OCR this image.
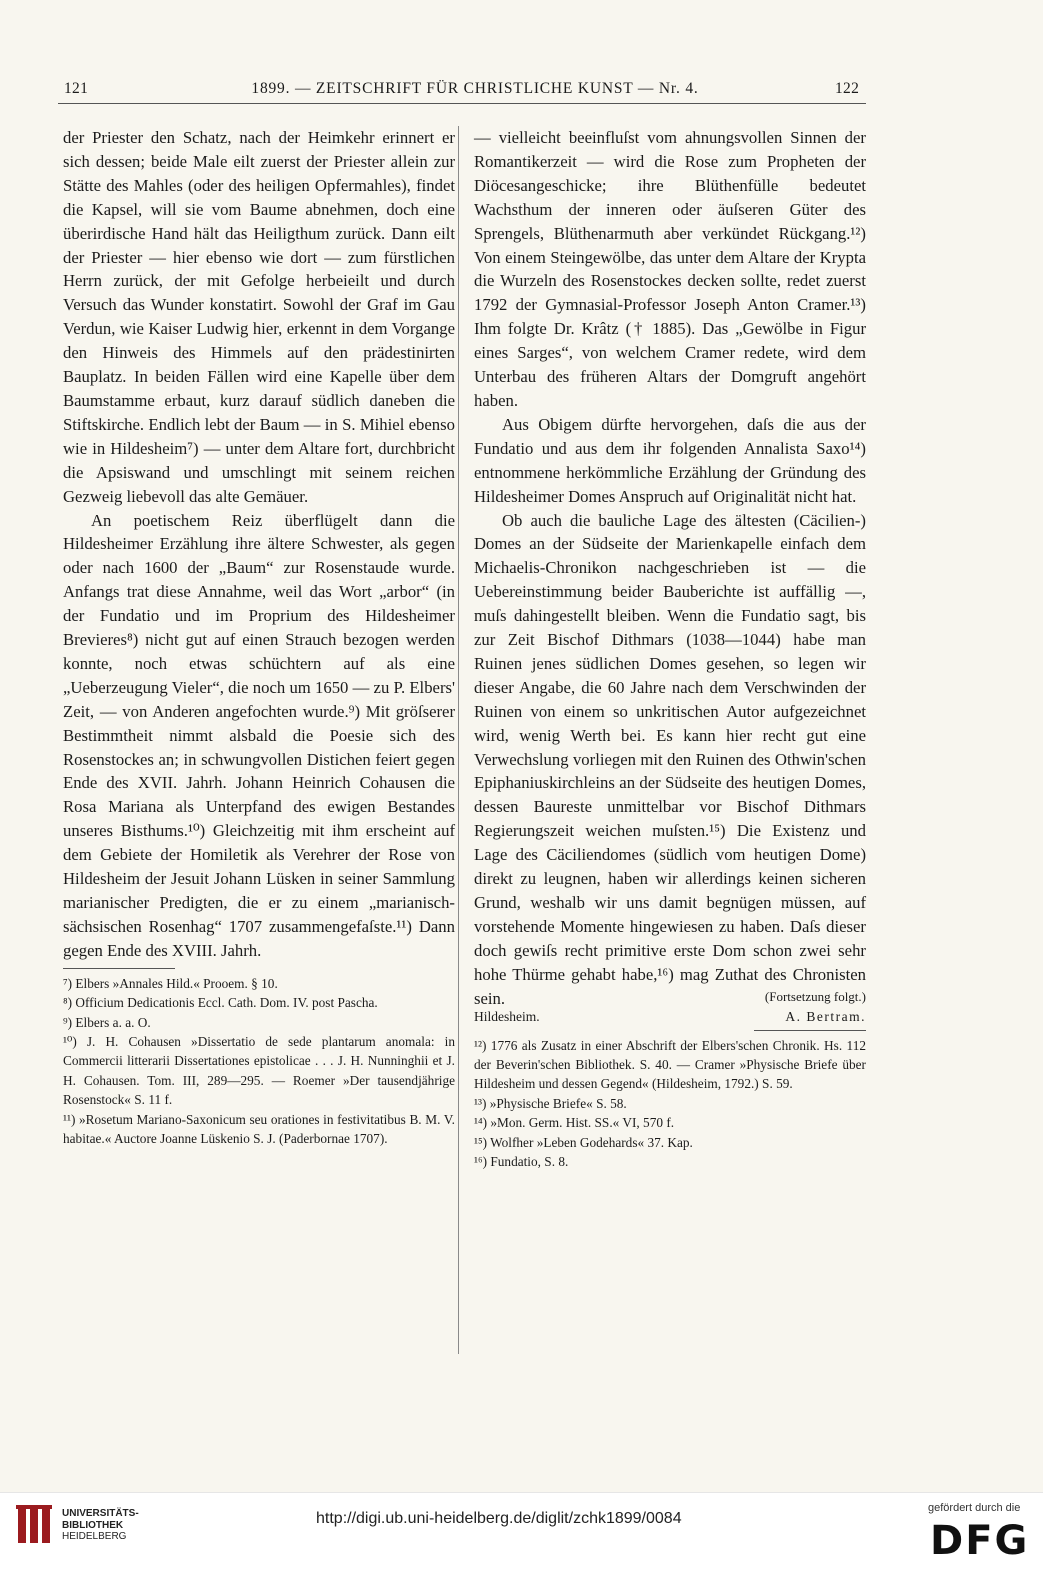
121	1899. — ZEITSCHRIFT FÜR CHRISTLICHE KUNST — Nr. 4.	122

der Priester den Schatz, nach der Heimkehr erinnert er sich dessen; beide Male eilt zuerst der Priester allein zur Stätte des Mahles (oder des heiligen Opfermahles), findet die Kapsel, will sie vom Baume abnehmen, doch eine überirdische Hand hält das Heiligthum zurück. Dann eilt der Priester — hier ebenso wie dort — zum fürstlichen Herrn zurück, der mit Gefolge herbeieilt und durch Versuch das Wunder konstatirt. Sowohl der Graf im Gau Verdun, wie Kaiser Ludwig hier, erkennt in dem Vorgange den Hinweis des Himmels auf den prädestinirten Bauplatz. In beiden Fällen wird eine Kapelle über dem Baumstamme erbaut, kurz darauf südlich daneben die Stiftskirche. Endlich lebt der Baum — in S. Mihiel ebenso wie in Hildesheim⁷) — unter dem Altare fort, durchbricht die Apsiswand und umschlingt mit seinem reichen Gezweig liebevoll das alte Gemäuer.

An poetischem Reiz überflügelt dann die Hildesheimer Erzählung ihre ältere Schwester, als gegen oder nach 1600 der „Baum“ zur Rosenstaude wurde. Anfangs trat diese Annahme, weil das Wort „arbor“ (in der Fundatio und im Proprium des Hildesheimer Brevieres⁸) nicht gut auf einen Strauch bezogen werden konnte, noch etwas schüchtern auf als eine „Ueberzeugung Vieler“, die noch um 1650 — zu P. Elbers' Zeit, — von Anderen angefochten wurde.⁹) Mit gröſserer Bestimmtheit nimmt alsbald die Poesie sich des Rosenstockes an; in schwungvollen Distichen feiert gegen Ende des XVII. Jahrh. Johann Heinrich Cohausen die Rosa Mariana als Unterpfand des ewigen Bestandes unseres Bisthums.¹⁰) Gleichzeitig mit ihm erscheint auf dem Gebiete der Homiletik als Verehrer der Rose von Hildesheim der Jesuit Johann Lüsken in seiner Sammlung marianischer Predigten, die er zu einem „marianisch-sächsischen Rosenhag“ 1707 zusammengefaſste.¹¹) Dann gegen Ende des XVIII. Jahrh.

⁷) Elbers »Annales Hild.« Prooem. § 10.

⁸) Officium Dedicationis Eccl. Cath. Dom. IV. post Pascha.

⁹) Elbers a. a. O.

¹⁰) J. H. Cohausen »Dissertatio de sede plantarum anomala: in Commercii litterarii Dissertationes epistolicae . . . J. H. Nunninghii et J. H. Cohausen. Tom. III, 289—295. — Roemer »Der tausendjährige Rosenstock« S. 11 f.

¹¹) »Rosetum Mariano-Saxonicum seu orationes in festivitatibus B. M. V. habitae.« Auctore Joanne Lüskenio S. J. (Paderbornae 1707).

— vielleicht beeinfluſst vom ahnungsvollen Sinnen der Romantikerzeit — wird die Rose zum Propheten der Diöcesangeschicke; ihre Blüthenfülle bedeutet Wachsthum der inneren oder äuſseren Güter des Sprengels, Blüthenarmuth aber verkündet Rückgang.¹²) Von einem Steingewölbe, das unter dem Altare der Krypta die Wurzeln des Rosenstockes decken sollte, redet zuerst 1792 der Gymnasial-Professor Joseph Anton Cramer.¹³) Ihm folgte Dr. Krâtz († 1885). Das „Gewölbe in Figur eines Sarges“, von welchem Cramer redete, wird dem Unterbau des früheren Altars der Domgruft angehört haben.

Aus Obigem dürfte hervorgehen, daſs die aus der Fundatio und aus dem ihr folgenden Annalista Saxo¹⁴) entnommene herkömmliche Erzählung der Gründung des Hildesheimer Domes Anspruch auf Originalität nicht hat.

Ob auch die bauliche Lage des ältesten (Cäcilien-) Domes an der Südseite der Marienkapelle einfach dem Michaelis-Chronikon nachgeschrieben ist — die Uebereinstimmung beider Bauberichte ist auffällig —, muſs dahingestellt bleiben. Wenn die Fundatio sagt, bis zur Zeit Bischof Dithmars (1038—1044) habe man Ruinen jenes südlichen Domes gesehen, so legen wir dieser Angabe, die 60 Jahre nach dem Verschwinden der Ruinen von einem so unkritischen Autor aufgezeichnet wird, wenig Werth bei. Es kann hier recht gut eine Verwechslung vorliegen mit den Ruinen des Othwin'schen Epiphaniuskirchleins an der Südseite des heutigen Domes, dessen Baureste unmittelbar vor Bischof Dithmars Regierungszeit weichen muſsten.¹⁵) Die Existenz und Lage des Cäciliendomes (südlich vom heutigen Dome) direkt zu leugnen, haben wir allerdings keinen sicheren Grund, weshalb wir uns damit begnügen müssen, auf vorstehende Momente hingewiesen zu haben. Daſs dieser doch gewiſs recht primitive erste Dom schon zwei sehr hohe Thürme gehabt habe,¹⁶) mag Zuthat des Chronisten sein.	(Fortsetzung folgt.)
Hildesheim.	A. Bertram.

¹²) 1776 als Zusatz in einer Abschrift der Elbers'schen Chronik. Hs. 112 der Beverin'schen Bibliothek. S. 40. — Cramer »Physische Briefe über Hildesheim und dessen Gegend« (Hildesheim, 1792.) S. 59.

¹³) »Physische Briefe« S. 58.

¹⁴) »Mon. Germ. Hist. SS.« VI, 570 f.

¹⁵) Wolfher »Leben Godehards« 37. Kap.

¹⁶) Fundatio, S. 8.

UNIVERSITÄTS-
BIBLIOTHEK
HEIDELBERG
http://digi.ub.uni-heidelberg.de/diglit/zchk1899/0084
gefördert durch die
DFG
